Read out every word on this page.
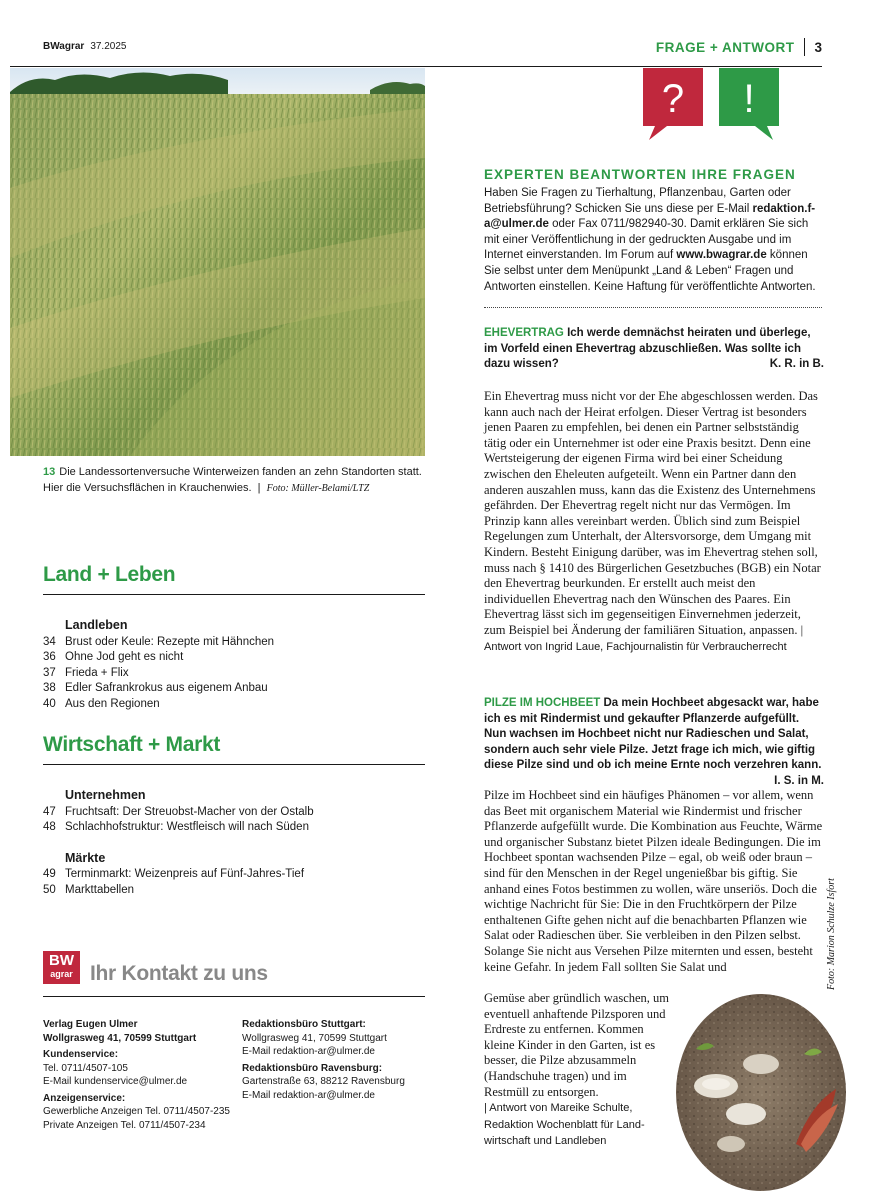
BWagrar 37.2025	FRAGE + ANTWORT 3
13 Die Landessortenversuche Winterweizen fanden an zehn Standorten statt. Hier die Versuchsflächen in Krauchenwies.  |  Foto: Müller-Belami/LTZ
Land + Leben
Landleben
34 Brust oder Keule: Rezepte mit Hähnchen
36 Ohne Jod geht es nicht
37 Frieda + Flix
38 Edler Safrankrokus aus eigenem Anbau
40 Aus den Regionen
Wirtschaft + Markt
Unternehmen
47 Fruchtsaft: Der Streuobst-Macher von der Ostalb
48 Schlachhofstruktur: Westfleisch will nach Süden
Märkte
49 Terminmarkt: Weizenpreis auf Fünf-Jahres-Tief
50 Markttabellen
BW
agrar Ihr Kontakt zu uns
Verlag Eugen Ulmer
Wollgrasweg 41, 70599 Stuttgart
Kundenservice:
Tel. 0711/4507-105
E-Mail kundenservice@ulmer.de
Anzeigenservice:
Gewerbliche Anzeigen Tel. 0711/4507-235
Private Anzeigen Tel. 0711/4507-234
Redaktionsbüro Stuttgart:
Wollgrasweg 41, 70599 Stuttgart
E-Mail redaktion-ar@ulmer.de
Redaktionsbüro Ravensburg:
Gartenstraße 63, 88212 Ravensburg
E-Mail redaktion-ar@ulmer.de
? !
EXPERTEN BEANTWORTEN IHRE FRAGEN
Haben Sie Fragen zu Tierhaltung, Pflanzenbau, Garten oder Betriebsführung? Schicken Sie uns diese per E-Mail redaktion.f-a@ulmer.de oder Fax 0711/982940-30. Damit erklären Sie sich mit einer Veröffentlichung in der gedruckten Ausgabe und im Internet einverstanden. Im Forum auf www.bwagrar.de können Sie selbst unter dem Menüpunkt „Land & Leben“ Fragen und Antworten einstellen. Keine Haftung für veröffentlichte Antworten.
EHEVERTRAG Ich werde demnächst heiraten und überlege, im Vorfeld einen Ehevertrag abzuschließen. Was sollte ich dazu wissen?	K. R. in B.
Ein Ehevertrag muss nicht vor der Ehe abgeschlossen werden. Das kann auch nach der Heirat erfolgen. Dieser Vertrag ist besonders jenen Paaren zu empfehlen, bei denen ein Partner selbstständig tätig oder ein Unternehmer ist oder eine Praxis besitzt. Denn eine Wertsteigerung der eigenen Firma wird bei einer Scheidung zwischen den Eheleuten aufgeteilt. Wenn ein Partner dann den anderen auszahlen muss, kann das die Existenz des Unternehmens gefährden. Der Ehevertrag regelt nicht nur das Vermögen. Im Prinzip kann alles vereinbart werden. Üblich sind zum Beispiel Regelungen zum Unterhalt, der Altersvorsorge, dem Umgang mit Kindern. Besteht Einigung darüber, was im Ehevertrag stehen soll, muss nach § 1410 des Bürgerlichen Gesetzbuches (BGB) ein Notar den Ehevertrag beurkunden. Er erstellt auch meist den individuellen Ehevertrag nach den Wünschen des Paares. Ein Ehevertrag lässt sich im gegenseitigen Einvernehmen jederzeit, zum Beispiel bei Änderung der familiären Situation, anpassen. |
Antwort von Ingrid Laue, Fachjournalistin für Verbraucherrecht
PILZE IM HOCHBEET Da mein Hochbeet abgesackt war, habe ich es mit Rindermist und gekaufter Pflanzerde aufgefüllt. Nun wachsen im Hochbeet nicht nur Radieschen und Salat, sondern auch sehr viele Pilze. Jetzt frage ich mich, wie giftig diese Pilze sind und ob ich meine Ernte noch verzehren kann.
I. S. in M.
Pilze im Hochbeet sind ein häufiges Phänomen – vor allem, wenn das Beet mit organischem Material wie Rindermist und frischer Pflanzerde aufgefüllt wurde. Die Kombination aus Feuchte, Wärme und organischer Substanz bietet Pilzen ideale Bedingungen. Die im Hochbeet spontan wachsenden Pilze – egal, ob weiß oder braun – sind für den Menschen in der Regel ungenießbar bis giftig. Sie anhand eines Fotos bestimmen zu wollen, wäre unseriös. Doch die wichtige Nachricht für Sie: Die in den Fruchtkörpern der Pilze enthaltenen Gifte gehen nicht auf die benachbarten Pflanzen wie Salat oder Radieschen über. Sie verbleiben in den Pilzen selbst. Solange Sie nicht aus Versehen Pilze miternten und essen, besteht keine Gefahr. In jedem Fall sollten Sie Salat und
Gemüse aber gründlich waschen, um eventuell anhaftende Pilzsporen und Erdreste zu entfernen. Kommen kleine Kinder in den Garten, ist es besser, die Pilze abzusammeln (Handschuhe tragen) und im Restmüll zu entsorgen.
| Antwort von Mareike Schulte, Redaktion Wochenblatt für Landwirtschaft und Landleben
Foto: Marion Schulze Isfort
